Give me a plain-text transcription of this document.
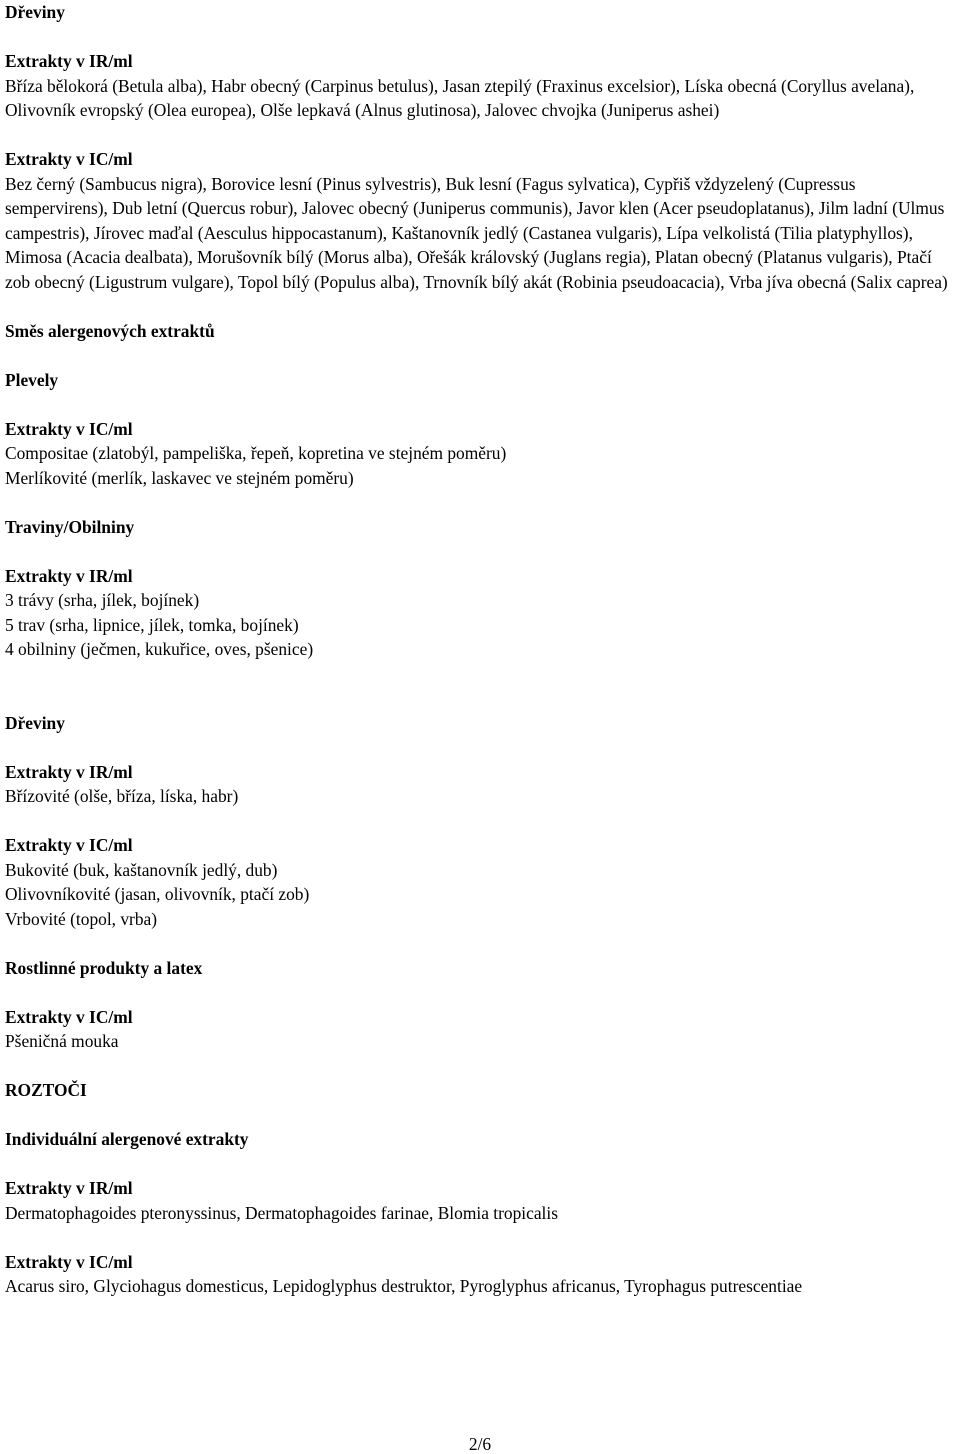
Dřeviny
Extrakty v IR/ml
Bříza bělokorá (Betula alba), Habr obecný (Carpinus betulus), Jasan ztepilý (Fraxinus excelsior), Líska obecná (Coryllus avelana), Olivovník evropský (Olea europea), Olše lepkavá (Alnus glutinosa), Jalovec chvojka (Juniperus ashei)
Extrakty v IC/ml
Bez černý (Sambucus nigra), Borovice lesní (Pinus sylvestris), Buk lesní (Fagus sylvatica), Cypřiš vždyzelený (Cupressus sempervirens), Dub letní (Quercus robur), Jalovec obecný (Juniperus communis), Javor klen (Acer pseudoplatanus), Jilm ladní (Ulmus campestris), Jírovec maďal (Aesculus hippocastanum), Kaštanovník jedlý (Castanea vulgaris), Lípa velkolistá (Tilia platyphyllos), Mimosa (Acacia dealbata), Morušovník bílý (Morus alba), Ořešák královský (Juglans regia), Platan obecný (Platanus vulgaris), Ptačí zob obecný (Ligustrum vulgare), Topol bílý (Populus alba), Trnovník bílý akát (Robinia pseudoacacia), Vrba jíva obecná (Salix caprea)
Směs alergenových extraktů
Plevely
Extrakty v IC/ml
Compositae (zlatobýl, pampeliška, řepeň, kopretina ve stejném poměru)
Merlíkovité (merlík, laskavec ve stejném poměru)
Traviny/Obilniny
Extrakty v IR/ml
3 trávy (srha, jílek, bojínek)
5 trav (srha, lipnice, jílek, tomka, bojínek)
4 obilniny (ječmen, kukuřice, oves, pšenice)
Dřeviny
Extrakty v IR/ml
Břízovité (olše, bříza, líska, habr)
Extrakty v IC/ml
Bukovité (buk, kaštanovník jedlý, dub)
Olivovníkovité (jasan, olivovník, ptačí zob)
Vrbovité (topol, vrba)
Rostlinné produkty a latex
Extrakty v IC/ml
Pšeničná mouka
ROZTOČI
Individuální alergenové extrakty
Extrakty v IR/ml
Dermatophagoides pteronyssinus, Dermatophagoides farinae, Blomia tropicalis
Extrakty v IC/ml
Acarus siro, Glyciohagus domesticus, Lepidoglyphus destruktor, Pyroglyphus africanus, Tyrophagus putrescentiae
2/6
